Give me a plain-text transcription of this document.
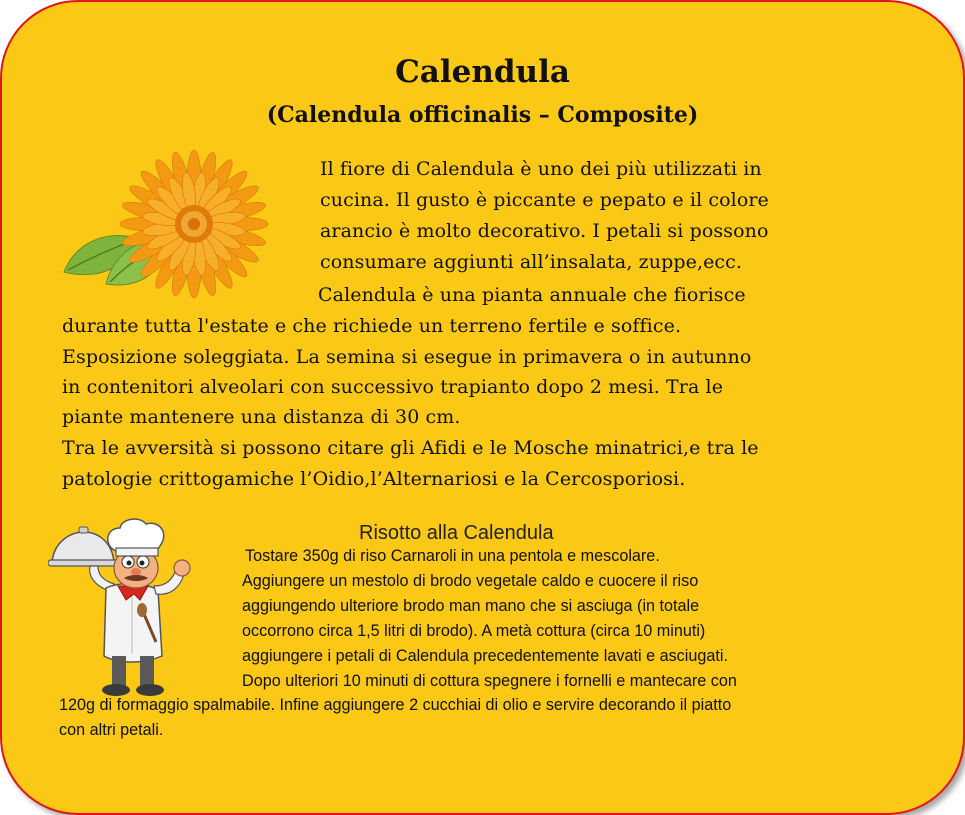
Calendula
(Calendula officinalis – Composite)
Il fiore di Calendula è uno dei più utilizzati in
cucina. Il gusto è piccante e pepato e il colore
arancio è molto decorativo. I petali si possono
consumare aggiunti all’insalata, zuppe,ecc.
Calendula è una pianta annuale che fiorisce
durante tutta l'estate e che richiede un terreno fertile e soffice.
Esposizione soleggiata. La semina si esegue in primavera o in autunno
in contenitori alveolari con successivo trapianto dopo 2 mesi. Tra le
piante mantenere una distanza di 30 cm.
Tra le avversità si possono citare gli Afidi e le Mosche minatrici,e tra le
patologie crittogamiche l’Oidio,l’Alternariosi e la Cercosporiosi.
Risotto alla Calendula
Tostare 350g di riso Carnaroli in una pentola e mescolare.
Aggiungere un mestolo di brodo vegetale caldo e cuocere il riso
aggiungendo ulteriore brodo man mano che si asciuga (in totale
occorrono circa 1,5 litri di brodo). A metà cottura (circa 10 minuti)
aggiungere i petali di Calendula precedentemente lavati e asciugati.
Dopo ulteriori 10 minuti di cottura spegnere i fornelli e mantecare con
120g di formaggio spalmabile. Infine aggiungere 2 cucchiai di olio e servire decorando il piatto
con altri petali.
